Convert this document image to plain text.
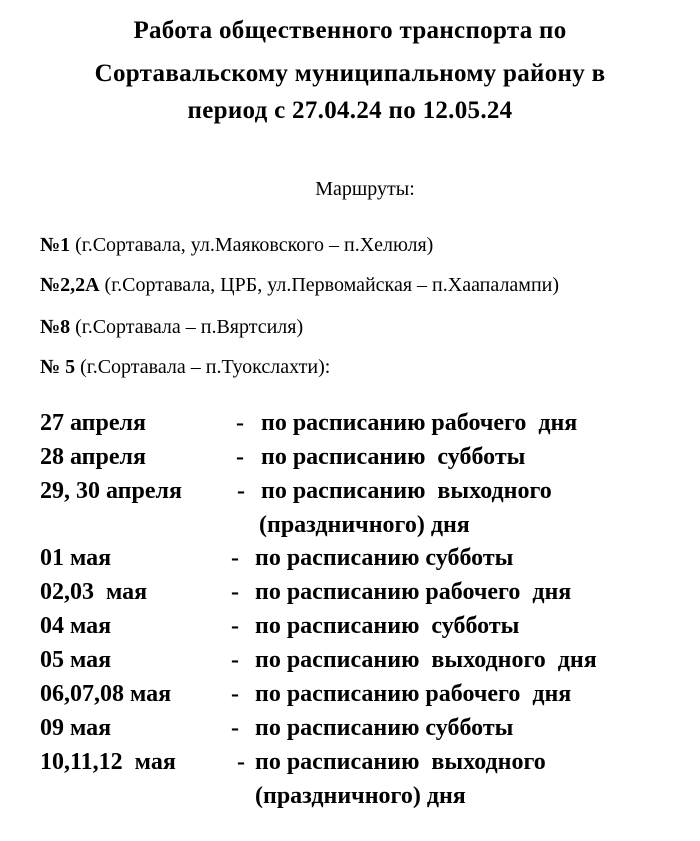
Работа общественного транспорта по
Сортавальскому муниципальному району в
период с 27.04.24 по 12.05.24
Маршруты:
№1 (г.Сортавала, ул.Маяковского – п.Хелюля)
№2,2А (г.Сортавала, ЦРБ, ул.Первомайская – п.Хаапалампи)
№8 (г.Сортавала – п.Вяртсиля)
№ 5 (г.Сортавала – п.Туокслахти):
27 апреля	- по расписанию рабочего  дня
28 апреля	- по расписанию  субботы
29, 30 апреля - по расписанию  выходного
(праздничного) дня
01 мая	- по расписанию субботы
02,03  мая	- по расписанию рабочего  дня
04 мая	- по расписанию  субботы
05 мая	- по расписанию  выходного  дня
06,07,08 мая - по расписанию рабочего  дня
09 мая	- по расписанию субботы
10,11,12  мая	- по расписанию  выходного
(праздничного) дня
